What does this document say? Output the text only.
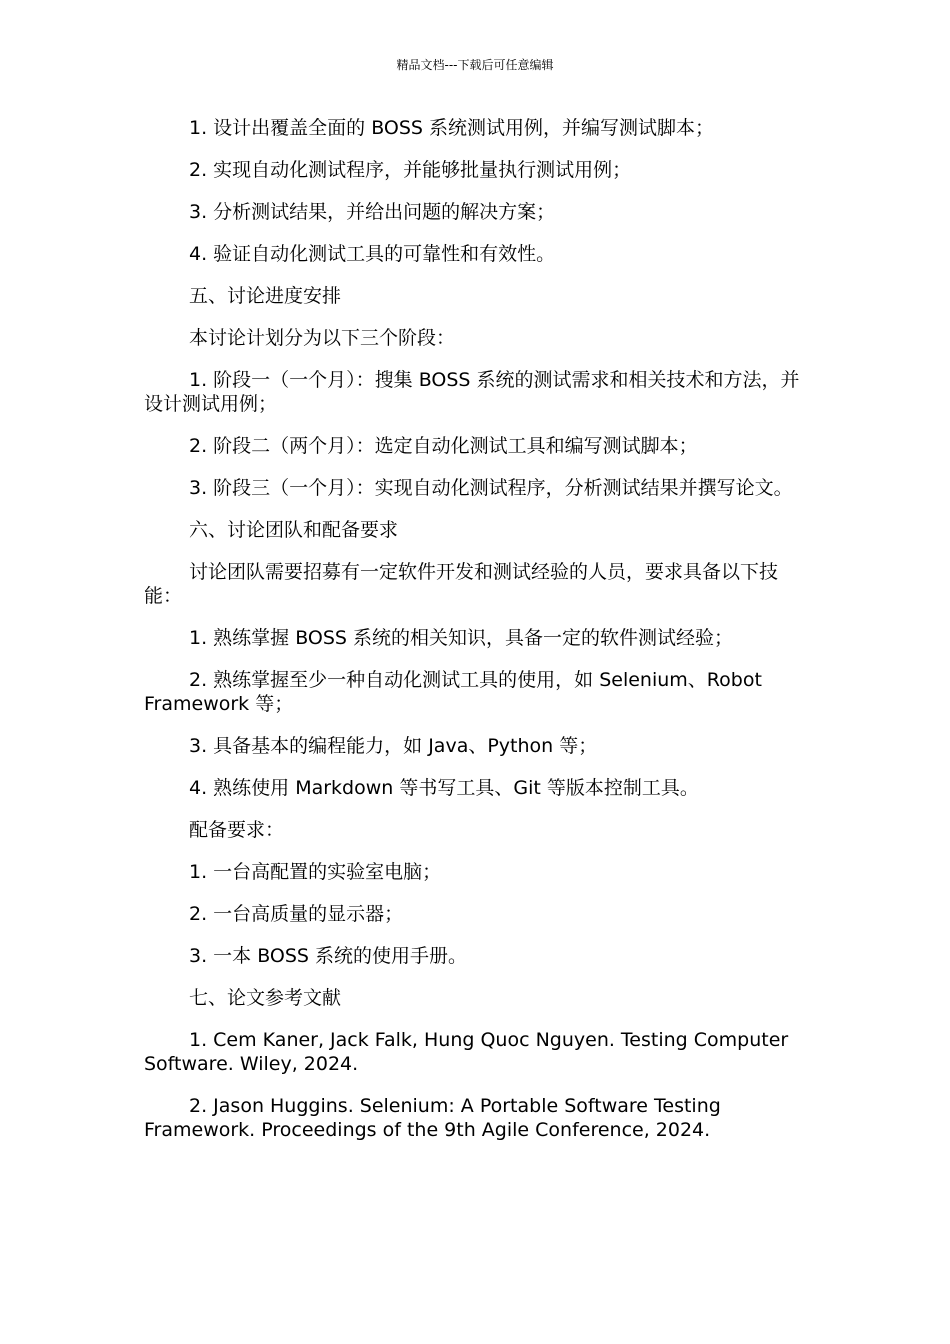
精品文档---下载后可任意编辑

1. 设计出覆盖全面的 BOSS 系统测试用例，并编写测试脚本；

2. 实现自动化测试程序，并能够批量执行测试用例；

3. 分析测试结果，并给出问题的解决方案；

4. 验证自动化测试工具的可靠性和有效性。

五、讨论进度安排

本讨论计划分为以下三个阶段：

1. 阶段一（一个月）：搜集 BOSS 系统的测试需求和相关技术和方法，并设计测试用例；

2. 阶段二（两个月）：选定自动化测试工具和编写测试脚本；

3. 阶段三（一个月）：实现自动化测试程序，分析测试结果并撰写论文。

六、讨论团队和配备要求

讨论团队需要招募有一定软件开发和测试经验的人员，要求具备以下技能：

1. 熟练掌握 BOSS 系统的相关知识，具备一定的软件测试经验；

2. 熟练掌握至少一种自动化测试工具的使用，如 Selenium、Robot Framework 等；

3. 具备基本的编程能力，如 Java、Python 等；

4. 熟练使用 Markdown 等书写工具、Git 等版本控制工具。

配备要求：

1. 一台高配置的实验室电脑；

2. 一台高质量的显示器；

3. 一本 BOSS 系统的使用手册。

七、论文参考文献

1. Cem Kaner, Jack Falk, Hung Quoc Nguyen. Testing Computer Software. Wiley, 2024.

2. Jason Huggins. Selenium: A Portable Software Testing Framework. Proceedings of the 9th Agile Conference, 2024.
